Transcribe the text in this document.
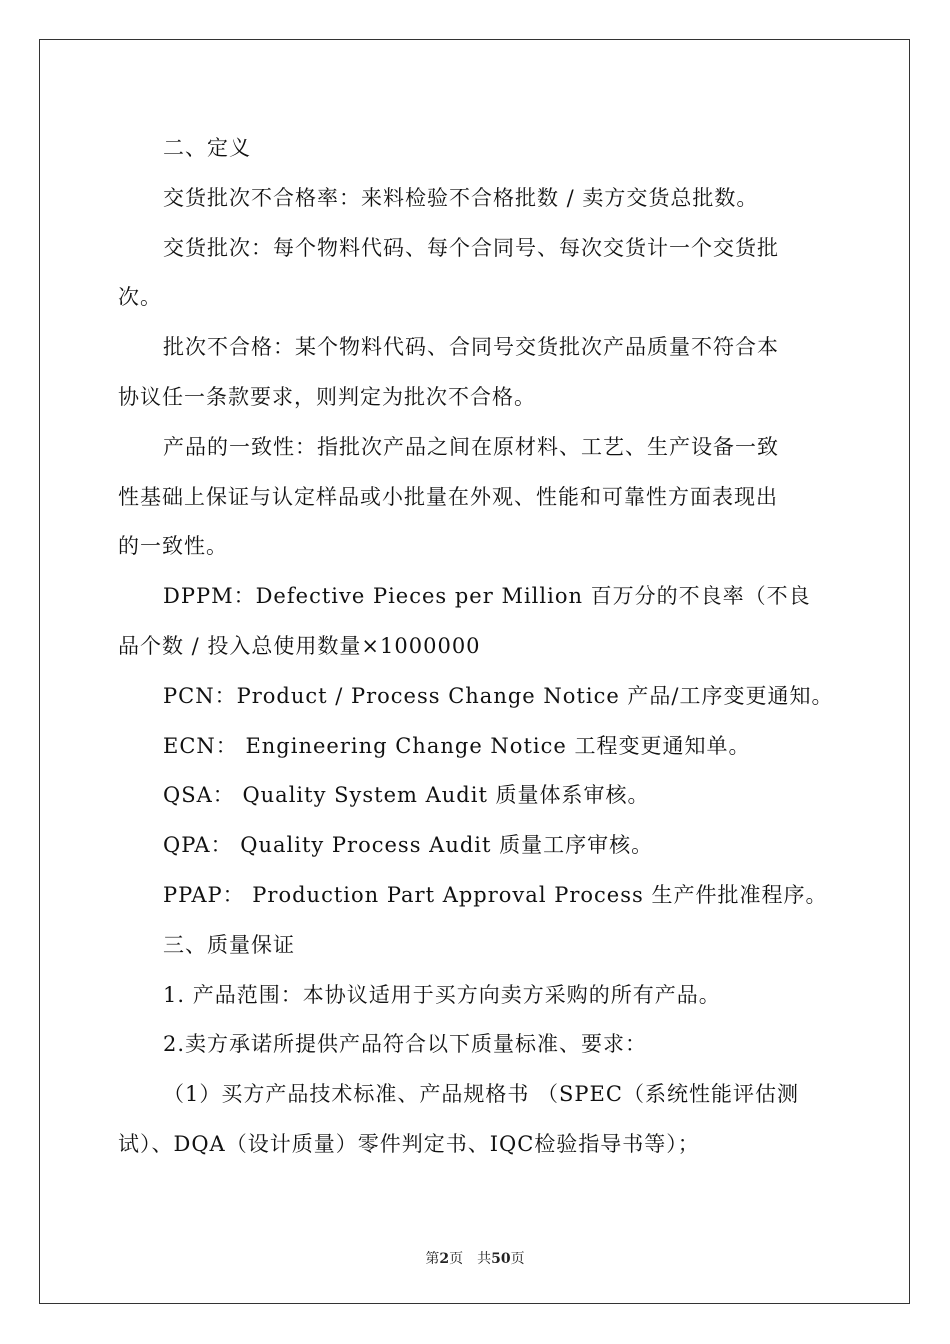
二、定义
交货批次不合格率：来料检验不合格批数 / 卖方交货总批数。
交货批次：每个物料代码、每个合同号、每次交货计一个交货批
次。
批次不合格：某个物料代码、合同号交货批次产品质量不符合本
协议任一条款要求，则判定为批次不合格。
产品的一致性：指批次产品之间在原材料、工艺、生产设备一致
性基础上保证与认定样品或小批量在外观、性能和可靠性方面表现出
的一致性。
DPPM：Defective Pieces per Million 百万分的不良率（不良
品个数 / 投入总使用数量×1000000
PCN：Product / Process Change Notice 产品/工序变更通知。
ECN： Engineering Change Notice 工程变更通知单。
QSA： Quality System Audit 质量体系审核。
QPA： Quality Process Audit 质量工序审核。
PPAP： Production Part Approval Process 生产件批准程序。
三、质量保证
1. 产品范围：本协议适用于买方向卖方采购的所有产品。
2.卖方承诺所提供产品符合以下质量标准、要求：
（1）买方产品技术标准、产品规格书 （SPEC（系统性能评估测
试）、DQA（设计质量）零件判定书、IQC检验指导书等）；
第2页　共50页
